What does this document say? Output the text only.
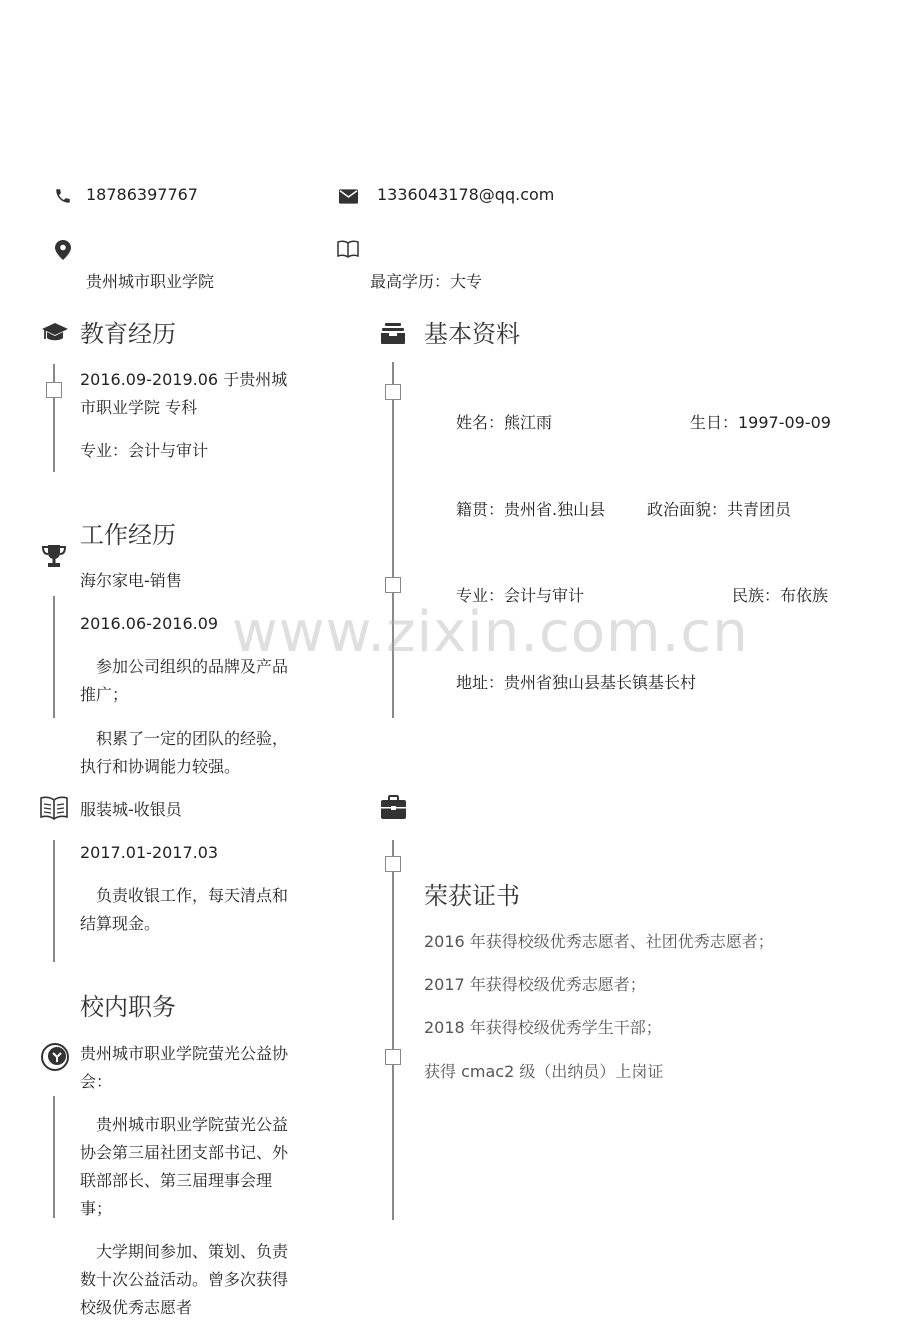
18786397767	1336043178@qq.com
贵州城市职业学院	最高学历：大专
教育经历
2016.09-2019.06 于贵州城市职业学院 专科
专业：会计与审计
工作经历
海尔家电-销售
2016.06-2016.09
参加公司组织的品牌及产品推广；
积累了一定的团队的经验，执行和协调能力较强。
服装城-收银员
2017.01-2017.03
负责收银工作，每天清点和结算现金。
校内职务
贵州城市职业学院萤光公益协会：
贵州城市职业学院萤光公益协会第三届社团支部书记、外联部部长、第三届理事会理事；
大学期间参加、策划、负责数十次公益活动。曾多次获得校级优秀志愿者
基本资料
姓名：熊江雨	生日：1997-09-09
籍贯：贵州省.独山县	政治面貌：共青团员
专业：会计与审计	民族：布依族
地址：贵州省独山县基长镇基长村
荣获证书
2016 年获得校级优秀志愿者、社团优秀志愿者；
2017 年获得校级优秀志愿者；
2018 年获得校级优秀学生干部；
获得 cmac2 级（出纳员）上岗证
www.zixin.com.cn
